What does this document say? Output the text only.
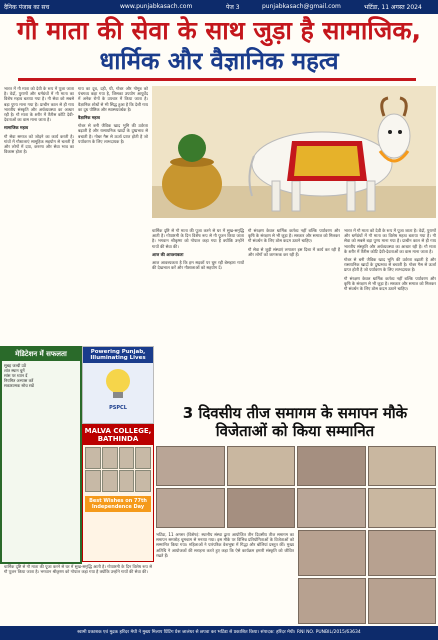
दैनिक पंजाब का सच	www.punjabkasach.com	पेज 3	punjabkasach@gmail.com	भटिंडा, 11 अगस्त 2024
गौ माता की सेवा के साथ जुड़ा है सामाजिक,
धार्मिक और वैज्ञानिक महत्व

भारत में गौ माता को देवी के रूप में पूजा जाता है। वेदों, पुराणों और धर्मग्रंथों में गौ माता का विशेष महत्व बताया गया है। गौ सेवा को सबसे बड़ा पुण्य माना गया है। प्राचीन काल से ही गाय भारतीय संस्कृति और अर्थव्यवस्था का आधार रही है। गौ माता के शरीर में तैंतीस कोटि देवी-देवताओं का वास माना जाता है।

सामाजिक महत्व

गौ सेवा समाज को जोड़ने का कार्य करती है। गांवों में गौशालाएं सामूहिक सहयोग से चलती हैं और लोगों में दया, करुणा और सेवा भाव का विकास होता है।

गाय का दूध, दही, घी, गोबर और गोमूत्र को पंचगव्य कहा गया है, जिसका उपयोग आयुर्वेद में अनेक रोगों के उपचार में किया जाता है। वैज्ञानिक शोधों से भी सिद्ध हुआ है कि देशी गाय का दूध पौष्टिक और स्वास्थ्यवर्धक है।

वैज्ञानिक महत्व

गोबर से बनी जैविक खाद भूमि की उर्वरता बढ़ाती है और रासायनिक खादों के दुष्प्रभाव से बचाती है। गोबर गैस से ऊर्जा प्राप्त होती है जो पर्यावरण के लिए लाभदायक है।

धार्मिक दृष्टि से गौ माता की पूजा करने से घर में सुख-समृद्धि आती है। गोपाष्टमी के दिन विशेष रूप से गौ पूजन किया जाता है। भगवान श्रीकृष्ण को गोपाल कहा गया है क्योंकि उन्होंने गायों की सेवा की।

आज की आवश्यकता

आज आवश्यकता है कि हम सड़कों पर घूम रही बेसहारा गायों की देखभाल करें और गौशालाओं को सहयोग दें।

गौ संरक्षण केवल धार्मिक कर्तव्य नहीं बल्कि पर्यावरण और कृषि के संरक्षण से भी जुड़ा है। सरकार और समाज को मिलकर गौ संवर्धन के लिए ठोस कदम उठाने चाहिए।

गौ सेवा से जुड़ी संस्थाएं लगातार इस दिशा में कार्य कर रही हैं और लोगों को जागरूक कर रही हैं।

भारत में गौ माता को देवी के रूप में पूजा जाता है। वेदों, पुराणों और धर्मग्रंथों में गौ माता का विशेष महत्व बताया गया है। गौ सेवा को सबसे बड़ा पुण्य माना गया है। प्राचीन काल से ही गाय भारतीय संस्कृति और अर्थव्यवस्था का आधार रही है। गौ माता के शरीर में तैंतीस कोटि देवी-देवताओं का वास माना जाता है।

गोबर से बनी जैविक खाद भूमि की उर्वरता बढ़ाती है और रासायनिक खादों के दुष्प्रभाव से बचाती है। गोबर गैस से ऊर्जा प्राप्त होती है जो पर्यावरण के लिए लाभदायक है।

गौ संरक्षण केवल धार्मिक कर्तव्य नहीं बल्कि पर्यावरण और कृषि के संरक्षण से भी जुड़ा है। सरकार और समाज को मिलकर गौ संवर्धन के लिए ठोस कदम उठाने चाहिए।

मेडिटेशन में सफलता
सुबह जल्दी उठें
शांत स्थान चुनें
सांस पर ध्यान दें
नियमित अभ्यास करें
सकारात्मक सोच रखें
Powering Punjab, Illuminating Lives
PSPCL
MALVA COLLEGE, BATHINDA
Best Wishes on 77th Independence Day
3 दिवसीय तीज समागम के समापन मौके विजेताओं को किया सम्मानित

भटिंडा, 11 अगस्त (विशेष): स्थानीय संस्था द्वारा आयोजित तीन दिवसीय तीज समागम का समापन समारोह धूमधाम से मनाया गया। इस मौके पर विभिन्न प्रतियोगिताओं के विजेताओं को सम्मानित किया गया। महिलाओं ने पारंपरिक वेशभूषा में गिद्धा और बोलियां प्रस्तुत कीं। मुख्य अतिथि ने आयोजकों की सराहना करते हुए कहा कि ऐसे कार्यक्रम हमारी संस्कृति को जीवित रखते हैं।

धार्मिक दृष्टि से गौ माता की पूजा करने से घर में सुख-समृद्धि आती है। गोपाष्टमी के दिन विशेष रूप से गौ पूजन किया जाता है। भगवान श्रीकृष्ण को गोपाल कहा गया है क्योंकि उन्होंने गायों की सेवा की।

स्वामी प्रकाशक एवं मुद्रक हरिंदर मेघी ने मुख्य मिलाप प्रिंटिंग प्रेस जालंधर से छपवा कर भटिंडा से प्रकाशित किया। संपादक: हरिंदर मेघी। RNI NO. PUNBIL/2015/63634
